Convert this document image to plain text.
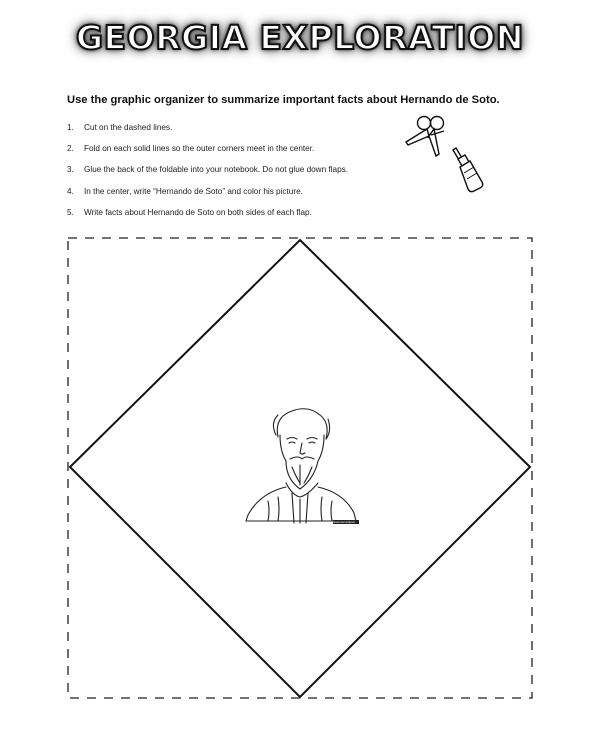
GEORGIA EXPLORATION
Use the graphic organizer to summarize important facts about Hernando de Soto.
1. Cut on the dashed lines.
2. Fold on each solid lines so the outer corners meet in the center.
3. Glue the back of the foldable into your notebook. Do not glue down flaps.
4. In the center, write “Hernando de Soto” and color his picture.
5. Write facts about Hernando de Soto on both sides of each flap.
classroomclipart
